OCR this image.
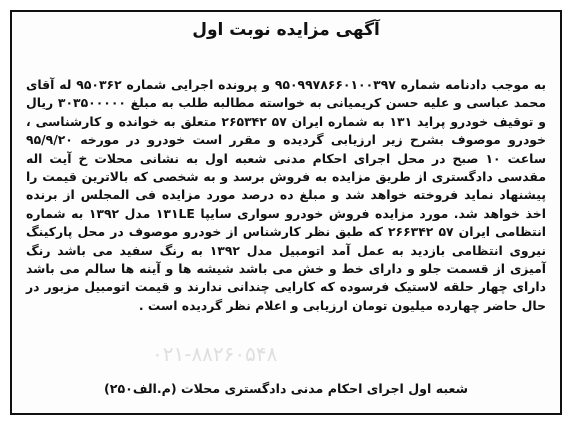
آگهی مزایده نوبت اول

به موجب دادنامه شماره ۹۵۰۹۹۷۸۶۶۰۱۰۰۳۹۷ و پرونده اجرایی شماره ۹۵۰۳۶۲ له آقای محمد عباسی و علیه حسن کریمیانی به خواسته مطالبه طلب به مبلغ ۳۰۳۵۰۰۰۰۰ ریال و توقیف خودرو پراید ۱۳۱ به شماره ایران ۵۷ ۲۶۵۳۴۲ متعلق به خوانده و کارشناسی ، خودرو موصوف بشرح زیر ارزیابی گردیده و مقرر است خودرو در مورخه ۹۵/۹/۲۰ ساعت ۱۰ صبح در محل اجرای احکام مدنی شعبه اول به نشانی محلات خ آیت اله مقدسی دادگستری از طریق مزایده به فروش برسد و به شخصی که بالاترین قیمت را پیشنهاد نماید فروخته خواهد شد و مبلغ ده درصد مورد مزایده فی المجلس از برنده اخذ خواهد شد. مورد مزایده فروش خودرو سواری سایپا ۱۳۱LE مدل ۱۳۹۲ به شماره انتظامی ایران ۵۷ ۲۶۶۳۴۲ که طبق نظر کارشناس از خودرو موصوف در محل پارکینگ نیروی انتظامی بازدید به عمل آمد اتومبیل مدل ۱۳۹۲ به رنگ سفید می باشد رنگ آمیزی از قسمت جلو و دارای خط و خش می باشد شیشه ها و آینه ها سالم می باشد دارای چهار حلقه لاستیک فرسوده که کارایی چندانی ندارند و قیمت اتومبیل مزبور در حال حاضر چهارده میلیون تومان ارزیابی و اعلام نظر گردیده است .

۰۲۱-۸۸۲۶۰۵۴۸

شعبه اول اجرای احکام مدنی دادگستری محلات (م.الف۲۵۰)
